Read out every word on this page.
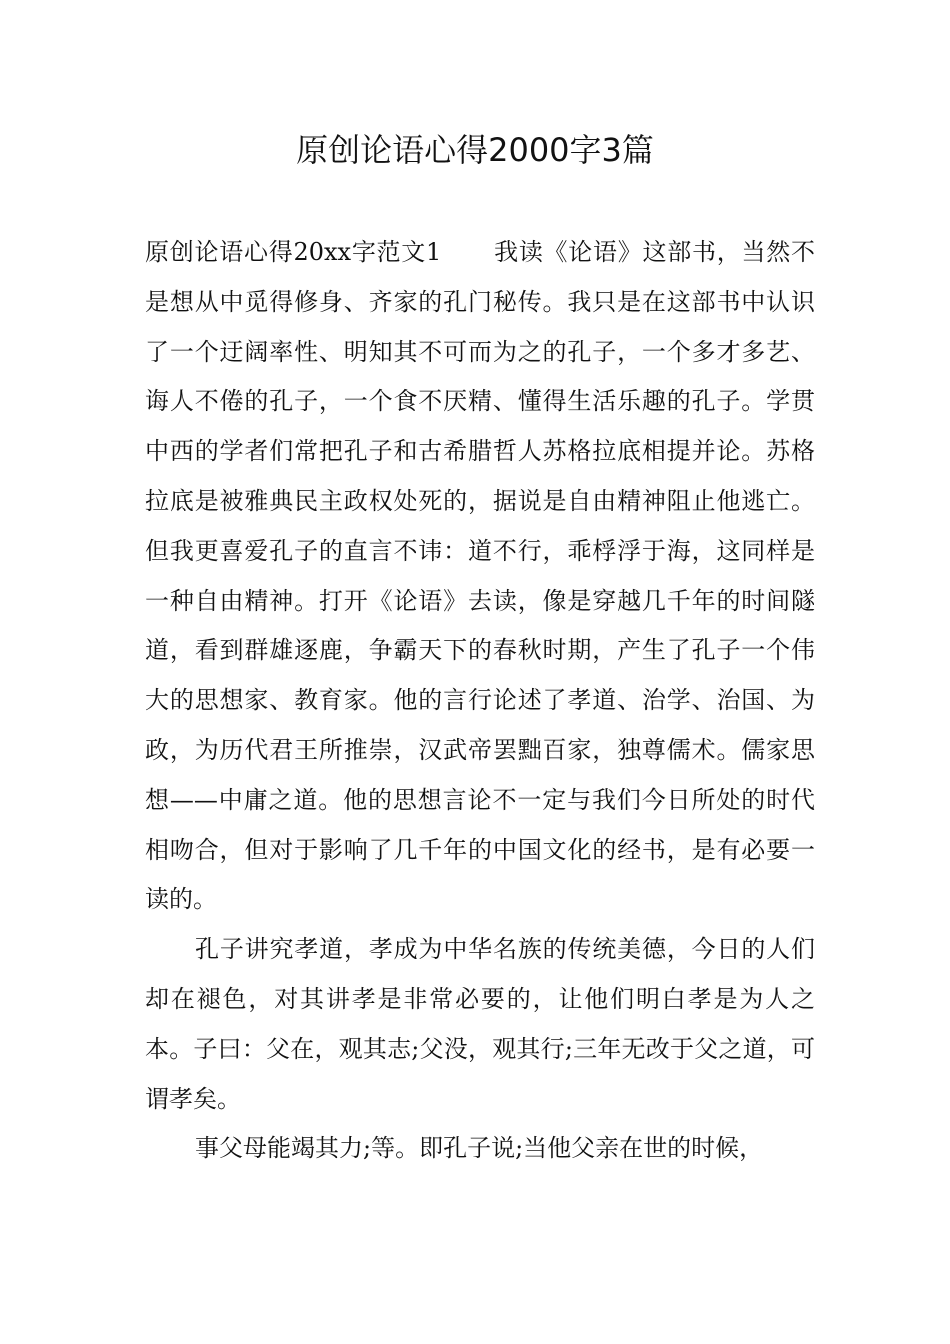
原创论语心得2000字3篇

原创论语心得20xx字范文1 我读《论语》这部书，当然不是想从中觅得修身、齐家的孔门秘传。我只是在这部书中认识了一个迂阔率性、明知其不可而为之的孔子，一个多才多艺、诲人不倦的孔子，一个食不厌精、懂得生活乐趣的孔子。学贯中西的学者们常把孔子和古希腊哲人苏格拉底相提并论。苏格拉底是被雅典民主政权处死的，据说是自由精神阻止他逃亡。但我更喜爱孔子的直言不讳：道不行，乖桴浮于海，这同样是一种自由精神。打开《论语》去读，像是穿越几千年的时间隧道，看到群雄逐鹿，争霸天下的春秋时期，产生了孔子一个伟大的思想家、教育家。他的言行论述了孝道、治学、治国、为政，为历代君王所推崇，汉武帝罢黜百家，独尊儒术。儒家思想——中庸之道。他的思想言论不一定与我们今日所处的时代相吻合，但对于影响了几千年的中国文化的经书，是有必要一读的。

孔子讲究孝道，孝成为中华名族的传统美德，今日的人们却在褪色，对其讲孝是非常必要的，让他们明白孝是为人之本。子曰：父在，观其志;父没，观其行;三年无改于父之道，可谓孝矣。

事父母能竭其力;等。即孔子说;当他父亲在世的时候，
